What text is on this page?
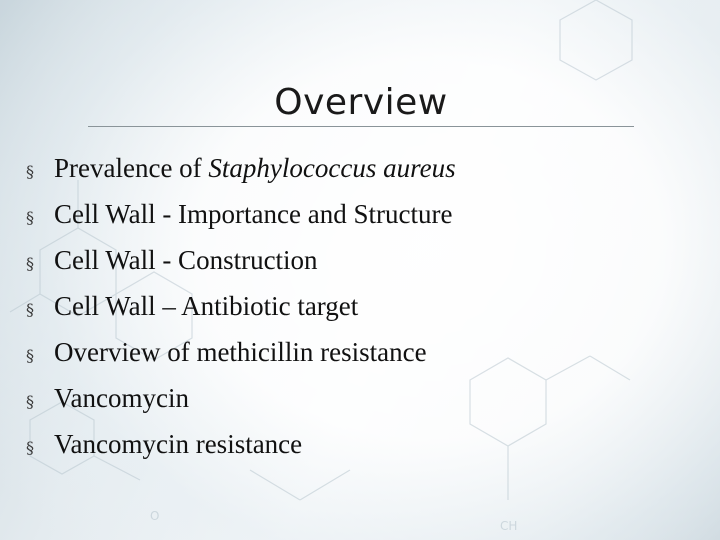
CH
O
Overview
§ Prevalence of Staphylococcus aureus
§ Cell Wall - Importance and Structure
§ Cell Wall - Construction
§ Cell Wall – Antibiotic target
§ Overview of methicillin resistance
§ Vancomycin
§ Vancomycin resistance
